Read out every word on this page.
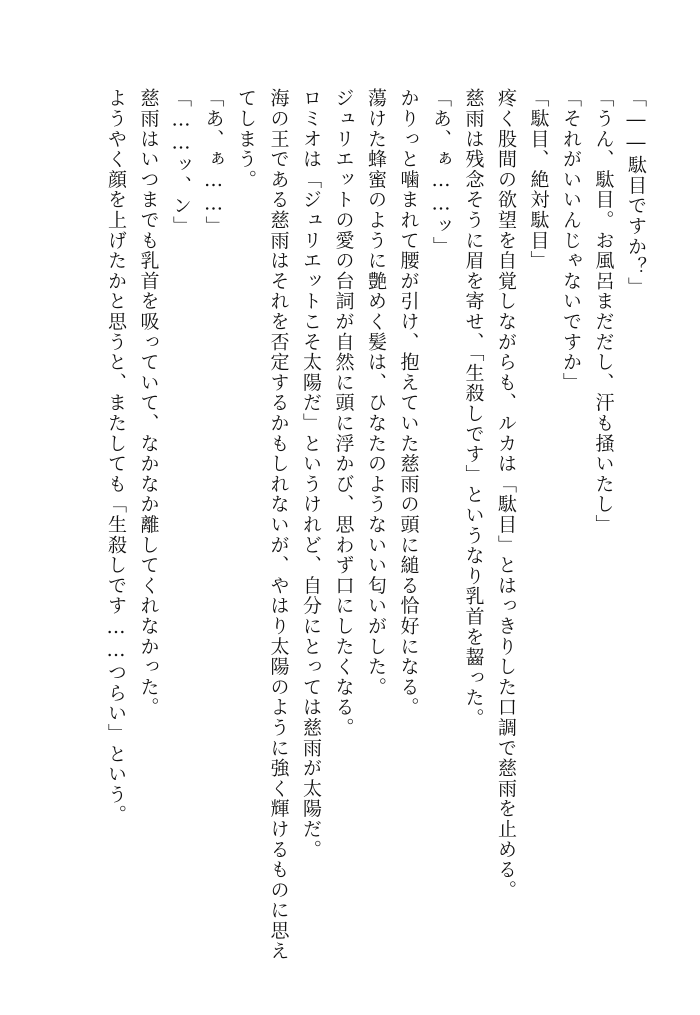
「――駄目ですか？」

「うん、駄目。お風呂まだだし、汗も掻いたし」

「それがいいんじゃないですか」

「駄目、絶対駄目」

疼く股間の欲望を自覚しながらも、ルカは「駄目」とはっきりした口調で慈雨を止める。

慈雨は残念そうに眉を寄せ、「生殺しです」というなり乳首を齧った。

「あ、ぁ……ッ」

かりっと噛まれて腰が引け、抱えていた慈雨の頭に縋る恰好になる。

蕩けた蜂蜜のように艶めく髪は、ひなたのようないい匂いがした。

ジュリエットの愛の台詞が自然に頭に浮かび、思わず口にしたくなる。

ロミオは「ジュリエットこそ太陽だ」というけれど、自分にとっては慈雨が太陽だ。

海の王である慈雨はそれを否定するかもしれないが、やはり太陽のように強く輝けるものに思えてしまう。

「あ、ぁ……」

「……ッ、ン」

慈雨はいつまでも乳首を吸っていて、なかなか離してくれなかった。

ようやく顔を上げたかと思うと、またしても「生殺しです……つらい」という。
